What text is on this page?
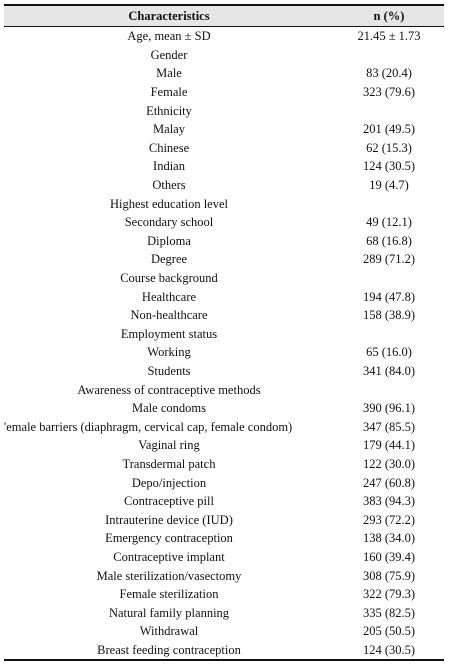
Characteristics	n (%)
Age, mean ± SD	21.45 ± 1.73
Gender	
Male	83 (20.4)
Female	323 (79.6)
Ethnicity	
Malay	201 (49.5)
Chinese	62 (15.3)
Indian	124 (30.5)
Others	19 (4.7)
Highest education level	
Secondary school	49 (12.1)
Diploma	68 (16.8)
Degree	289 (71.2)
Course background	
Healthcare	194 (47.8)
Non-healthcare	158 (38.9)
Employment status	
Working	65 (16.0)
Students	341 (84.0)
Awareness of contraceptive methods	
Male condoms	390 (96.1)
'emale barriers (diaphragm, cervical cap, female condom)	347 (85.5)
Vaginal ring	179 (44.1)
Transdermal patch	122 (30.0)
Depo/injection	247 (60.8)
Contraceptive pill	383 (94.3)
Intrauterine device (IUD)	293 (72.2)
Emergency contraception	138 (34.0)
Contraceptive implant	160 (39.4)
Male sterilization/vasectomy	308 (75.9)
Female sterilization	322 (79.3)
Natural family planning	335 (82.5)
Withdrawal	205 (50.5)
Breast feeding contraception	124 (30.5)
